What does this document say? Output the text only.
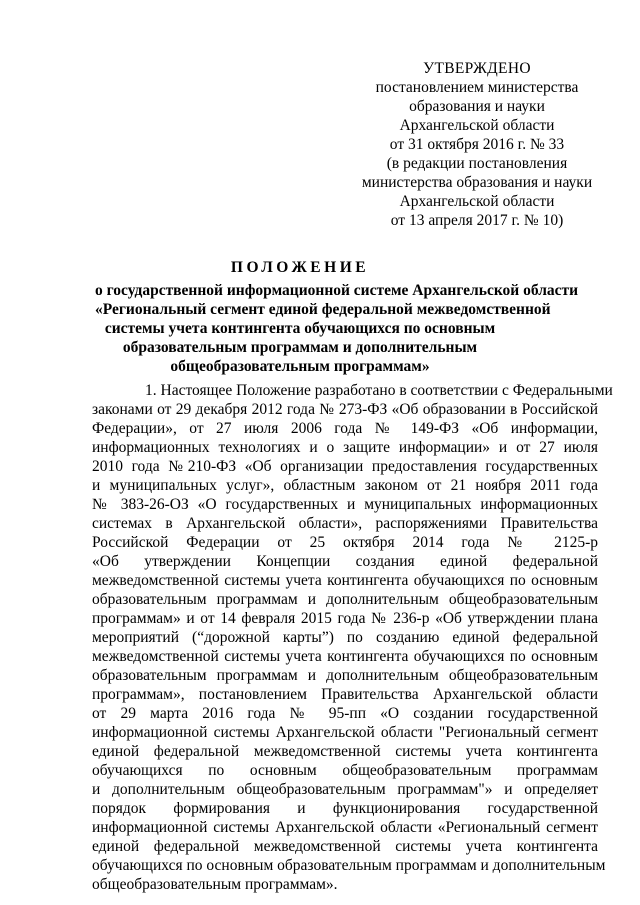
УТВЕРЖДЕНО
постановлением министерства
образования и науки
Архангельской области
от 31 октября 2016 г. № 33
(в редакции постановления
министерства образования и науки
Архангельской области
от 13 апреля 2017 г. № 10)
ПОЛОЖЕНИЕ
о государственной информационной системе Архангельской области
«Региональный сегмент единой федеральной межведомственной
системы учета контингента обучающихся по основным
образовательным программам и дополнительным
общеобразовательным программам»
1. Настоящее Положение разработано в соответствии с Федеральными
законами от 29 декабря 2012 года № 273-ФЗ «Об образовании в Российской
Федерации», от 27 июля 2006 года № 149-ФЗ «Об информации,
информационных технологиях и о защите информации» и от 27 июля
2010 года №210-ФЗ «Об организации предоставления государственных
и муниципальных услуг», областным законом от 21 ноября 2011 года
№ 383-26-ОЗ «О государственных и муниципальных информационных
системах в Архангельской области», распоряжениями Правительства
Российской Федерации от 25 октября 2014 года № 2125-р
«Об утверждении Концепции создания единой федеральной
межведомственной системы учета контингента обучающихся по основным
образовательным программам и дополнительным общеобразовательным
программам» и от 14 февраля 2015 года № 236-р «Об утверждении плана
мероприятий (“дорожной карты”) по созданию единой федеральной
межведомственной системы учета контингента обучающихся по основным
образовательным программам и дополнительным общеобразовательным
программам», постановлением Правительства Архангельской области
от 29 марта 2016 года № 95-пп «О создании государственной
информационной системы Архангельской области "Региональный сегмент
единой федеральной межведомственной системы учета контингента
обучающихся по основным общеобразовательным программам
и дополнительным общеобразовательным программам"» и определяет
порядок формирования и функционирования государственной
информационной системы Архангельской области «Региональный сегмент
единой федеральной межведомственной системы учета контингента
обучающихся по основным образовательным программам и дополнительным
общеобразовательным программам».
